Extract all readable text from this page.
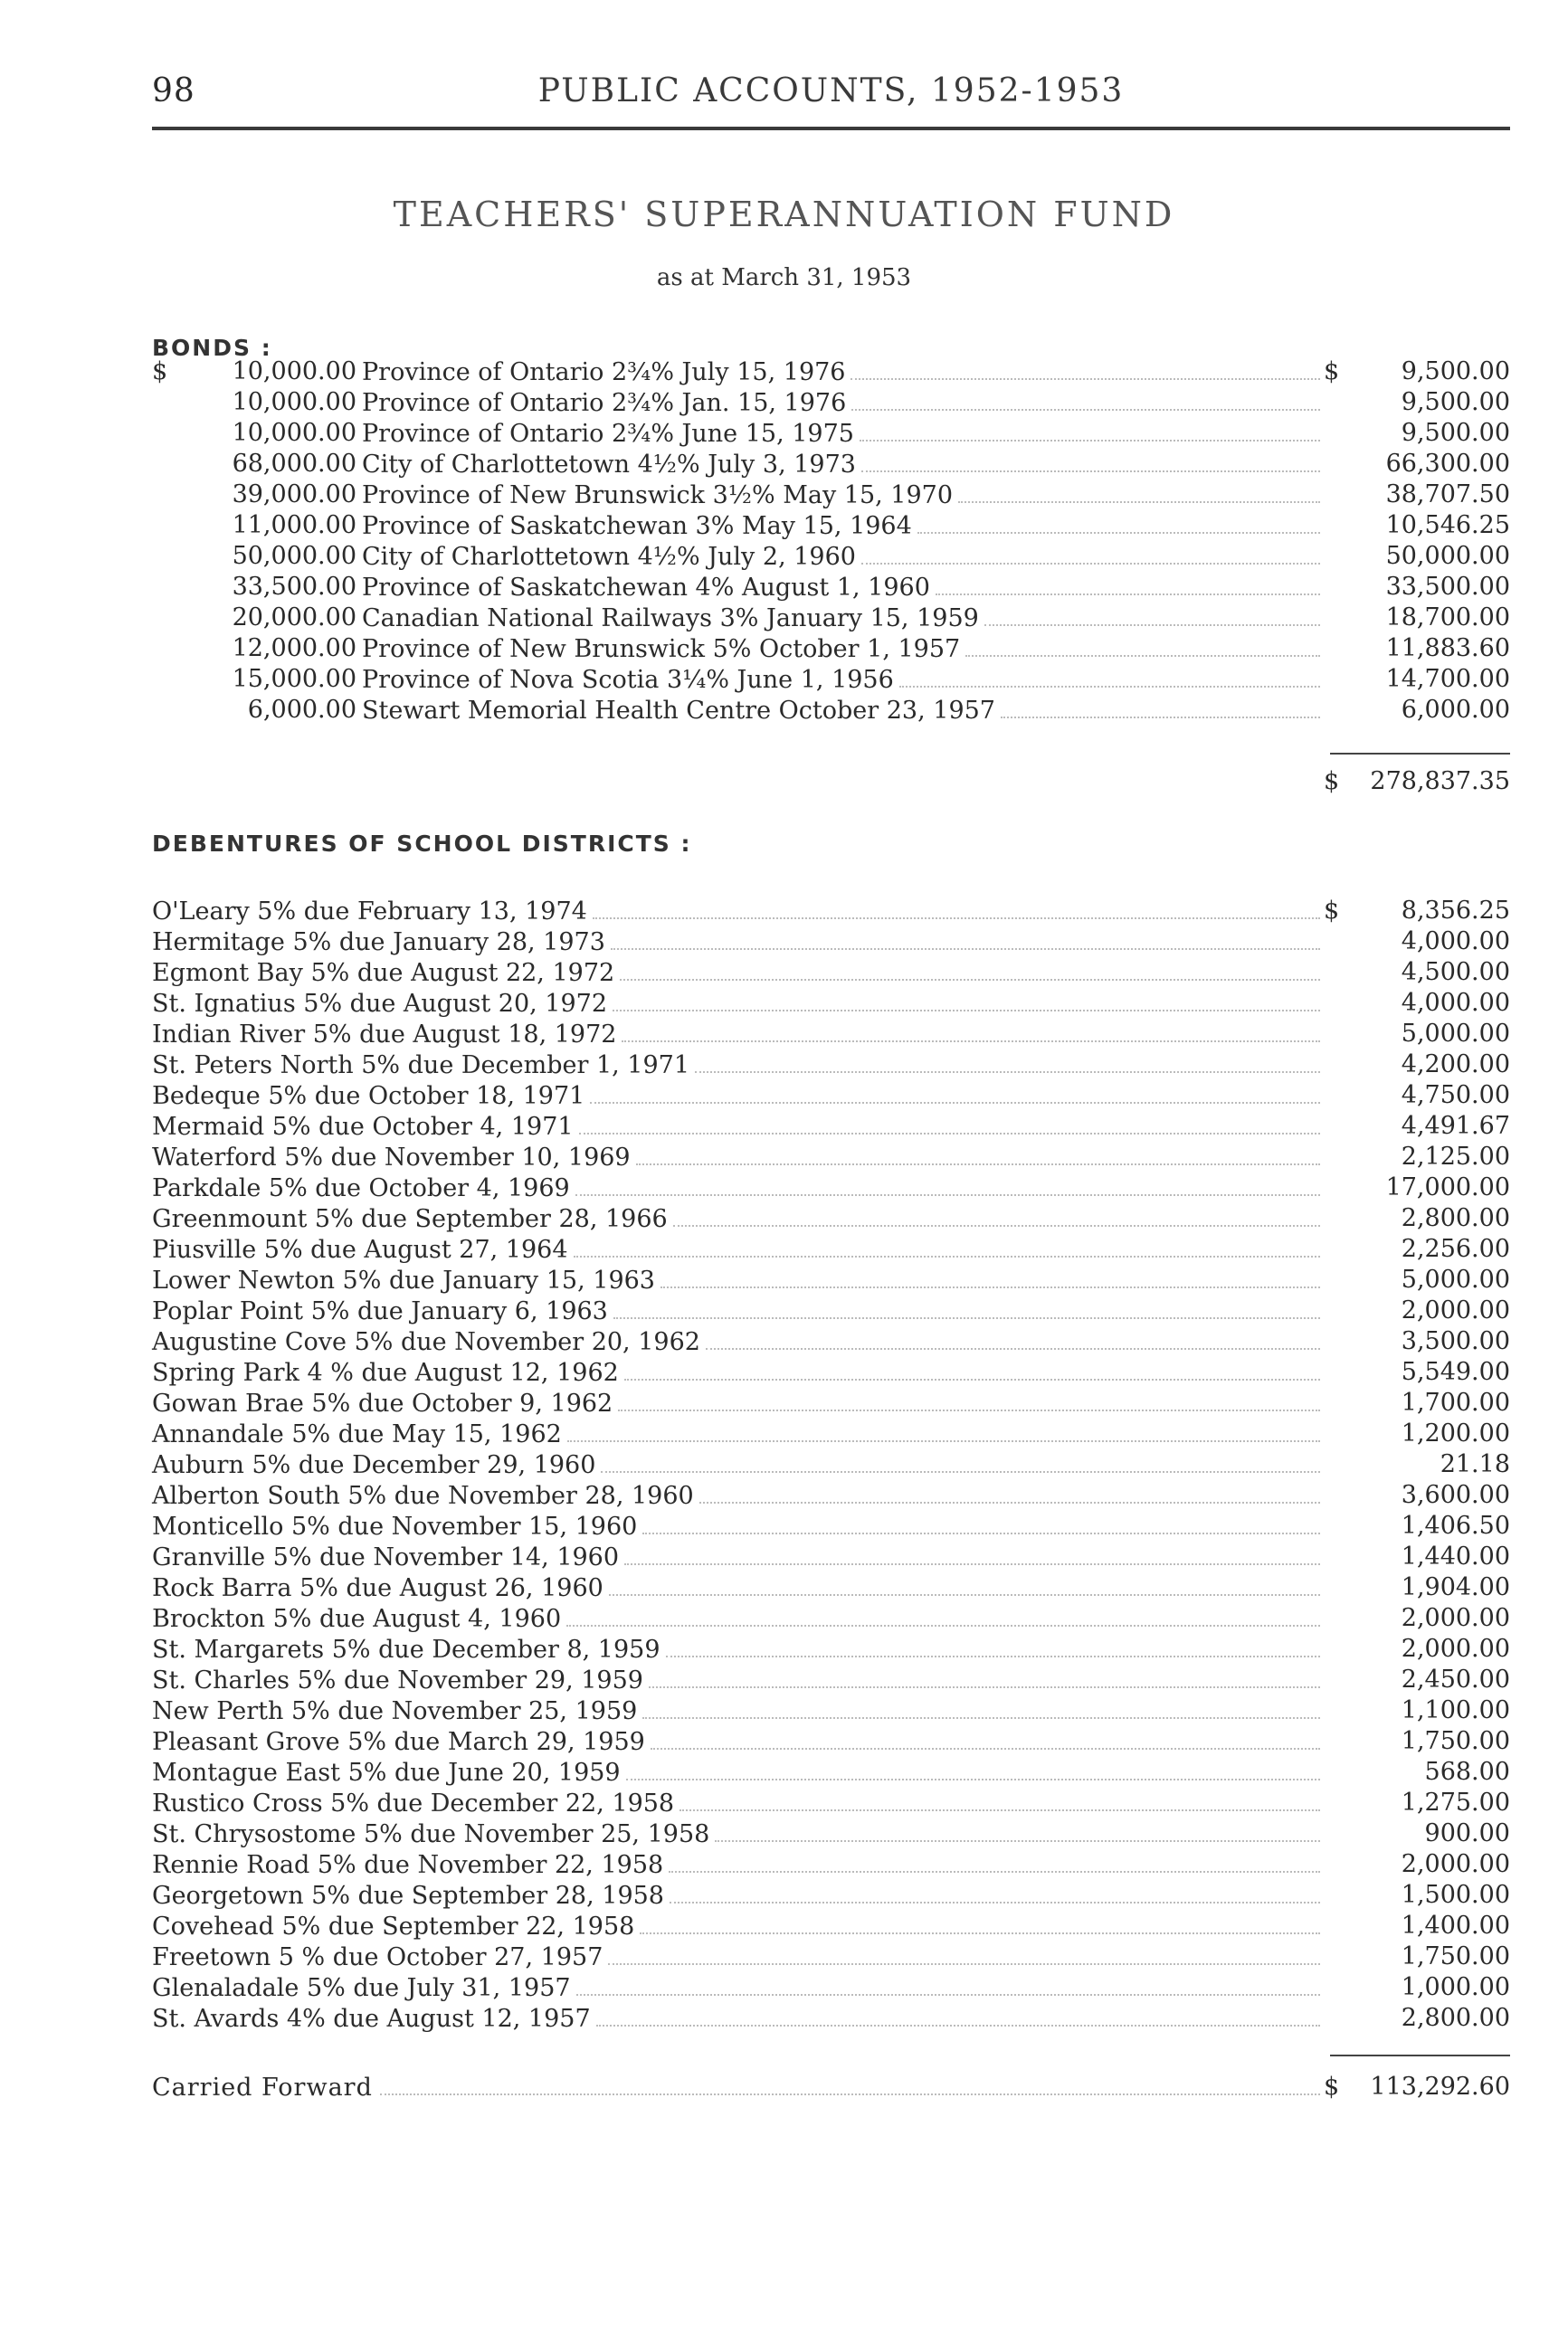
98	PUBLIC ACCOUNTS, 1952-1953
TEACHERS' SUPERANNUATION FUND
as at March 31, 1953
BONDS :
$	10,000.00 Province of Ontario 2¾% July 15, 1976	$	9,500.00
10,000.00 Province of Ontario 2¾% Jan. 15, 1976	9,500.00
10,000.00 Province of Ontario 2¾% June 15, 1975	9,500.00
68,000.00 City of Charlottetown 4½% July 3, 1973	66,300.00
39,000.00 Province of New Brunswick 3½% May 15, 1970	38,707.50
11,000.00 Province of Saskatchewan 3% May 15, 1964	10,546.25
50,000.00 City of Charlottetown 4½% July 2, 1960	50,000.00
33,500.00 Province of Saskatchewan 4% August 1, 1960	33,500.00
20,000.00 Canadian National Railways 3% January 15, 1959	18,700.00
12,000.00 Province of New Brunswick 5% October 1, 1957	11,883.60
15,000.00 Province of Nova Scotia 3¼% June 1, 1956	14,700.00
6,000.00 Stewart Memorial Health Centre October 23, 1957	6,000.00
$	278,837.35
DEBENTURES OF SCHOOL DISTRICTS :
O'Leary 5% due February 13, 1974	$	8,356.25
Hermitage 5% due January 28, 1973	4,000.00
Egmont Bay 5% due August 22, 1972	4,500.00
St. Ignatius 5% due August 20, 1972	4,000.00
Indian River 5% due August 18, 1972	5,000.00
St. Peters North 5% due December 1, 1971	4,200.00
Bedeque 5% due October 18, 1971	4,750.00
Mermaid 5% due October 4, 1971	4,491.67
Waterford 5% due November 10, 1969	2,125.00
Parkdale 5% due October 4, 1969	17,000.00
Greenmount 5% due September 28, 1966	2,800.00
Piusville 5% due August 27, 1964	2,256.00
Lower Newton 5% due January 15, 1963	5,000.00
Poplar Point 5% due January 6, 1963	2,000.00
Augustine Cove 5% due November 20, 1962	3,500.00
Spring Park 4 % due August 12, 1962	5,549.00
Gowan Brae 5% due October 9, 1962	1,700.00
Annandale 5% due May 15, 1962	1,200.00
Auburn 5% due December 29, 1960	21.18
Alberton South 5% due November 28, 1960	3,600.00
Monticello 5% due November 15, 1960	1,406.50
Granville 5% due November 14, 1960	1,440.00
Rock Barra 5% due August 26, 1960	1,904.00
Brockton 5% due August 4, 1960	2,000.00
St. Margarets 5% due December 8, 1959	2,000.00
St. Charles 5% due November 29, 1959	2,450.00
New Perth 5% due November 25, 1959	1,100.00
Pleasant Grove 5% due March 29, 1959	1,750.00
Montague East 5% due June 20, 1959	568.00
Rustico Cross 5% due December 22, 1958	1,275.00
St. Chrysostome 5% due November 25, 1958	900.00
Rennie Road 5% due November 22, 1958	2,000.00
Georgetown 5% due September 28, 1958	1,500.00
Covehead 5% due September 22, 1958	1,400.00
Freetown 5 % due October 27, 1957	1,750.00
Glenaladale 5% due July 31, 1957	1,000.00
St. Avards 4% due August 12, 1957	2,800.00
Carried Forward	$	113,292.60
